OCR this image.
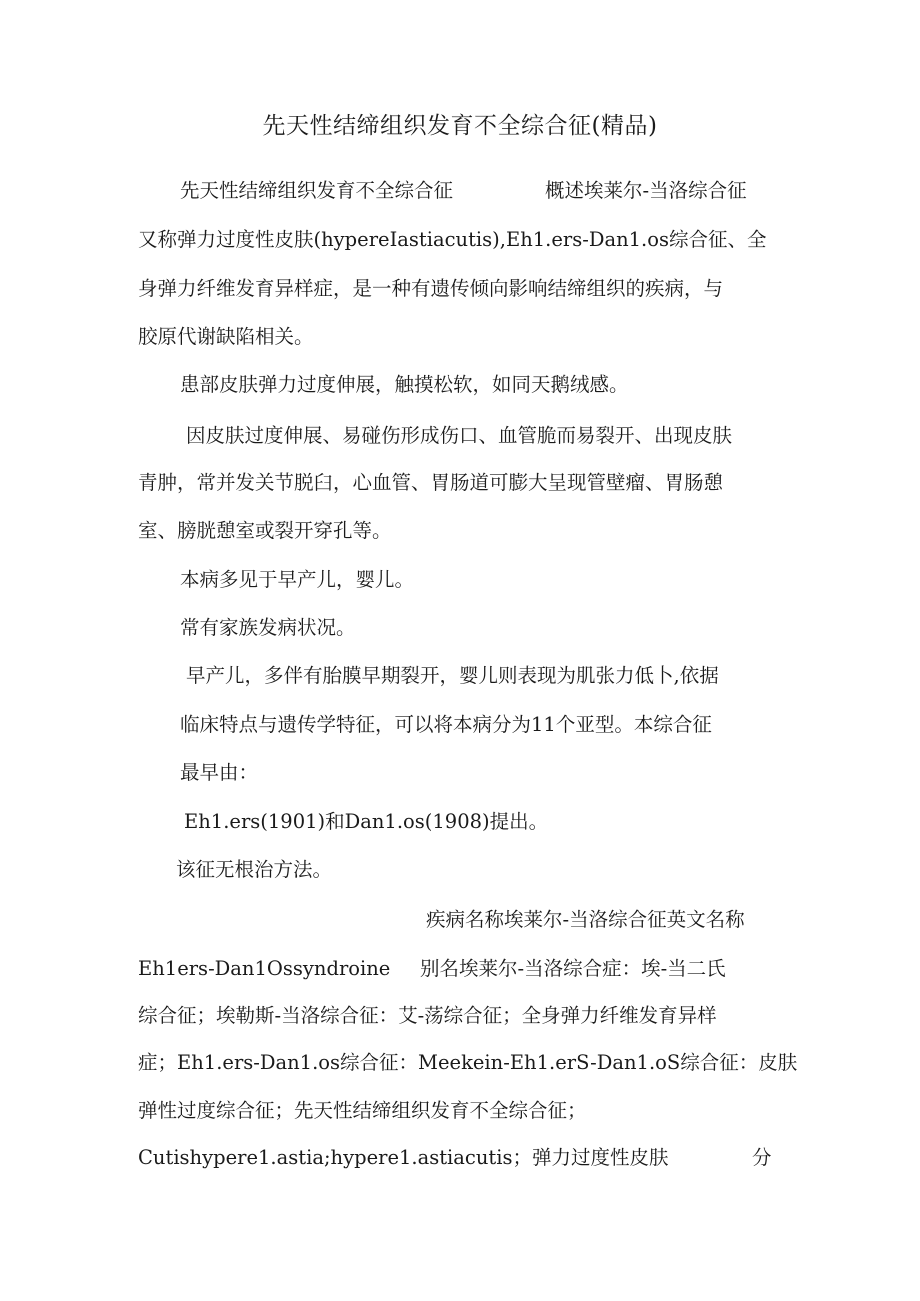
先天性结缔组织发育不全综合征(精品)
先天性结缔组织发育不全综合征	概述埃莱尔-当洛综合征
又称弹力过度性皮肤(hypereIastiacutis),Eh1.ers-Dan1.os综合征、全
身弹力纤维发育异样症，是一种有遗传倾向影响结缔组织的疾病，与
胶原代谢缺陷相关。
患部皮肤弹力过度伸展，触摸松软，如同天鹅绒感。
因皮肤过度伸展、易碰伤形成伤口、血管脆而易裂开、出现皮肤
青肿，常并发关节脱臼，心血管、胃肠道可膨大呈现管壁瘤、胃肠憩
室、膀胱憩室或裂开穿孔等。
本病多见于早产儿，婴儿。
常有家族发病状况。
早产儿，多伴有胎膜早期裂开，婴儿则表现为肌张力低卜,依据
临床特点与遗传学特征，可以将本病分为11个亚型。本综合征
最早由：
Eh1.ers(1901)和Dan1.os(1908)提出。
该征无根治方法。
疾病名称埃莱尔-当洛综合征英文名称
Eh1ers-Dan1Ossyndroine 别名埃莱尔-当洛综合症：埃-当二氏
综合征；埃勒斯-当洛综合征：艾-荡综合征；全身弹力纤维发育异样
症；Eh1.ers-Dan1.os综合征：Meekein-Eh1.erS-Dan1.oS综合征：皮肤
弹性过度综合征；先天性结缔组织发育不全综合征；
Cutishypere1.astia;hypere1.astiacutis；弹力过度性皮肤	分
